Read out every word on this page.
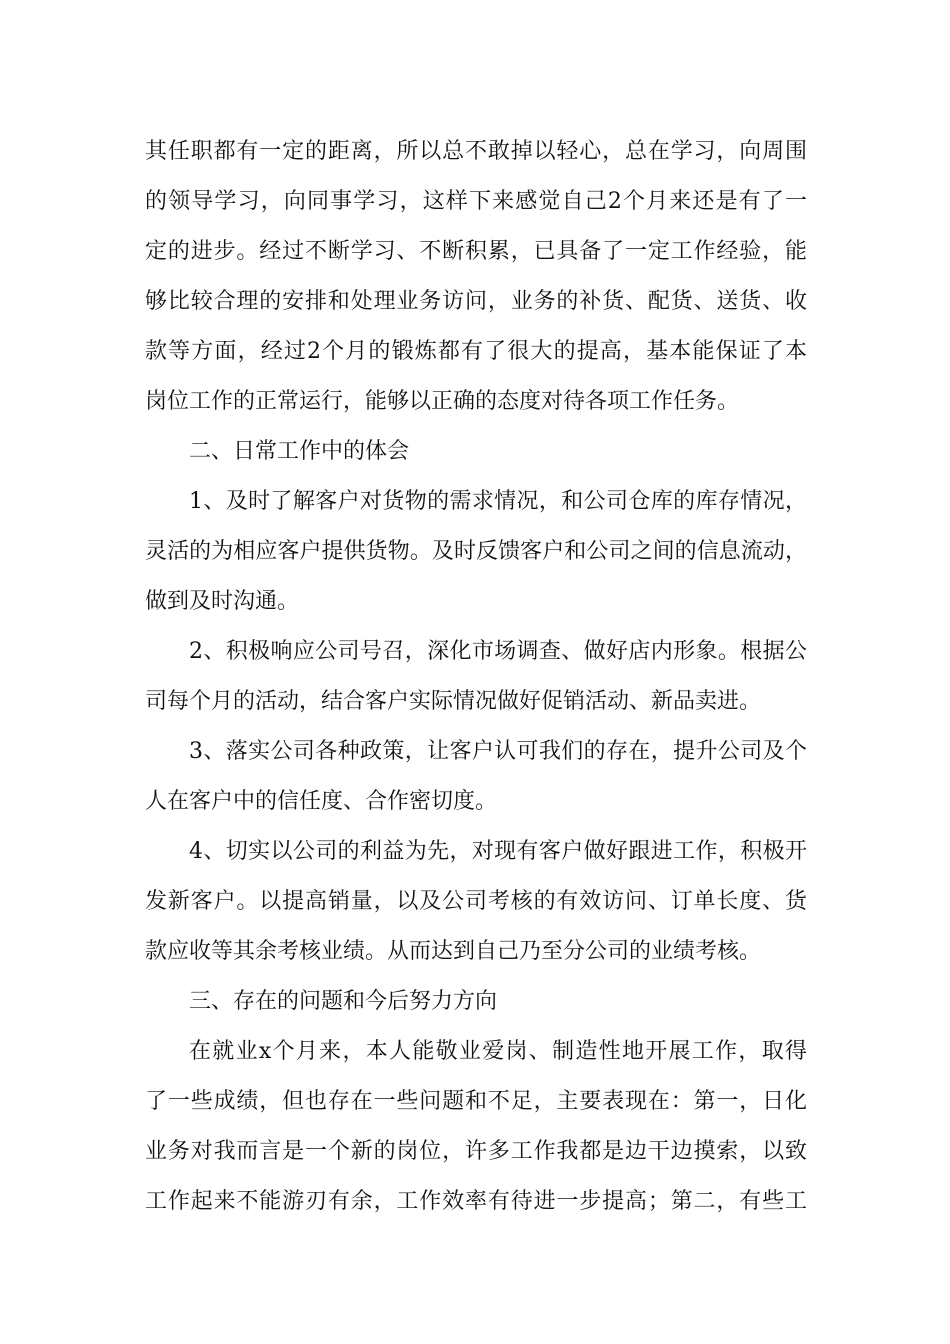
其任职都有一定的距离，所以总不敢掉以轻心，总在学习，向周围
的领导学习，向同事学习，这样下来感觉自己2个月来还是有了一
定的进步。经过不断学习、不断积累，已具备了一定工作经验，能
够比较合理的安排和处理业务访问，业务的补货、配货、送货、收
款等方面，经过2个月的锻炼都有了很大的提高，基本能保证了本
岗位工作的正常运行，能够以正确的态度对待各项工作任务。
二、日常工作中的体会
1、及时了解客户对货物的需求情况，和公司仓库的库存情况，
灵活的为相应客户提供货物。及时反馈客户和公司之间的信息流动，
做到及时沟通。
2、积极响应公司号召，深化市场调查、做好店内形象。根据公
司每个月的活动，结合客户实际情况做好促销活动、新品卖进。
3、落实公司各种政策，让客户认可我们的存在，提升公司及个
人在客户中的信任度、合作密切度。
4、切实以公司的利益为先，对现有客户做好跟进工作，积极开
发新客户。以提高销量，以及公司考核的有效访问、订单长度、货
款应收等其余考核业绩。从而达到自己乃至分公司的业绩考核。
三、存在的问题和今后努力方向
在就业x个月来，本人能敬业爱岗、制造性地开展工作，取得
了一些成绩，但也存在一些问题和不足，主要表现在：第一，日化
业务对我而言是一个新的岗位，许多工作我都是边干边摸索，以致
工作起来不能游刃有余，工作效率有待进一步提高；第二，有些工
